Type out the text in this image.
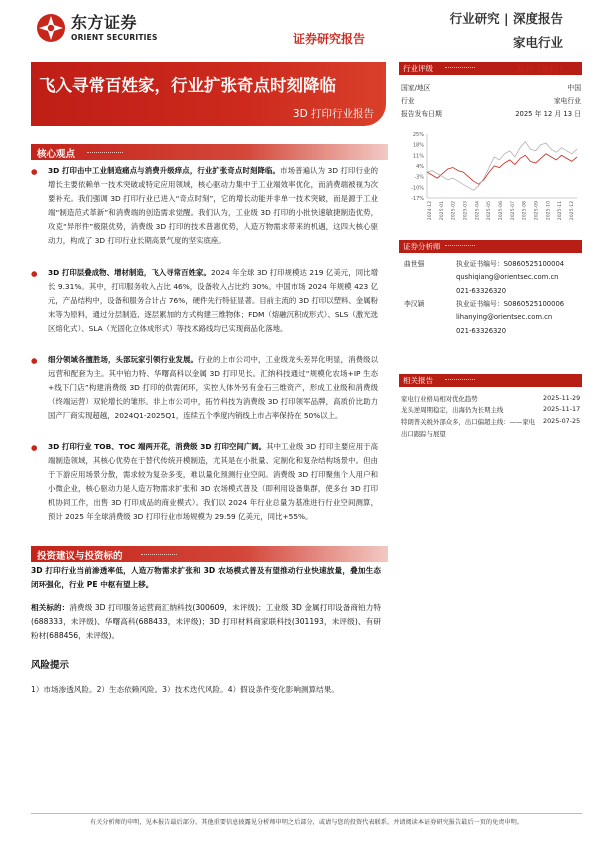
东方证券
ORIENT SECURITIES	证券研究报告
行业研究 | 深度报告
家电行业
飞入寻常百姓家，行业扩张奇点时刻降临
3D 打印行业报告
行业评级	看好（维持）
国家/地区	中国
行业	家电行业
报告发布日期	2025 年 12 月 13 日
25%
18%
11%
4%
-3%
-10%
-17%
2024-12 2025-01 2025-02 2025-03 2025-04 2025-05 2025-06 2025-07 2025-08 2025-09 2025-10 2025-11 2025-12
证券分析师
曲世强	执业证书编号：S0860525100004
qushiqiang@orientsec.com.cn
021-63326320
李汉颖	执业证书编号：S0860525100006
lihanying@orientsec.com.cn
021-63326320
相关报告
家电行业格局相对优化趋势	2025-11-29
龙头逆周期稳定，出海仍为长期主线	2025-11-17
特朗普关税外部众多，出口偏超主线：——家电 2025-07-25
出口跟踪与展望
核心观点
● 3D 打印击中工业制造痛点与消费升级痒点，行业扩张奇点时刻降临。市场普遍认为 3D 打印行业的增长主要依赖单一技术突破或特定应用领域，核心驱动力集中于工业端效率优化，而消费端被视为次要补充。我们强调 3D 打印行业已进入“奇点时刻”，它的增长动能并非单一技术突破，而是源于工业端“制造范式革新”和消费端的创造需求觉醒。我们认为，工业级 3D 打印的小批快速敏捷制造优势，攻克“异形件”极限优势，消费级 3D 打印的技术普惠优势，人造万物需求带来的机遇，这四大核心驱动力，构成了 3D 打印行业长期高景气度的坚实底座。
● 3D 打印层叠成物、增材制造，飞入寻常百姓家。2024 年全球 3D 打印规模达 219 亿美元，同比增长 9.31%。其中，打印服务收入占比 46%，设备收入占比约 30%。中国市场 2024 年规模 423 亿元，产品结构中，设备和服务合计占 76%，硬件先行特征显著。目前主流的 3D 打印以塑料、金属粉末等为原料，通过分层制造、逐层累加的方式构建三维物体；FDM（熔融沉积成形式）、SLS（激光选区熔化式）、SLA（光固化立体成形式）等技术路线均已实现商品化落地。
● 细分领域各擅胜场，头部玩家引领行业发展。行业的上市公司中，工业级龙头差异化明显，消费级以远营和配套为主。其中铂力特、华曙高科以金属 3D 打印见长。汇纳科技通过“规模化农场+IP 生态+线下门店”构建消费级 3D 打印的供需闭环，实控人体外另有金石三维资产，形成工业级和消费级（终端运营）双轮增长的雏形。非上市公司中，拓竹科技为消费级 3D 打印领军品牌，高质价比助力国产厂商实现超越，2024Q1-2025Q1，连续五个季度内销线上市占率保持在 50%以上。
● 3D 打印行业 TOB、TOC 端两开花，消费级 3D 打印空间广阔。其中工业级 3D 打印主要应用于高端制造领域，其核心优势在于替代传统开模制造，尤其是在小批量、定制化和复杂结构场景中。但由于下游应用场景分散，需求较为复杂多变，难以量化预测行业空间。消费级 3D 打印聚焦个人用户和小微企业，核心驱动力是人造万物需求扩张和 3D 农场模式普及（即利用设备集群，使多台 3D 打印机协同工作，出售 3D 打印成品的商业模式）。我们以 2024 年行业总量为基准进行行业空间测算，预计 2025 年全球消费级 3D 打印行业市场规模为 29.59 亿美元，同比+55%。
投资建议与投资标的
3D 打印行业当前渗透率低，人造万物需求扩张和 3D 农场模式普及有望推动行业快速放量，叠加生态闭环强化，行业 PE 中枢有望上移。
相关标的：消费级 3D 打印服务运营商汇纳科技(300609，未评级)；工业级 3D 金属打印设备商铂力特(688333，未评级)、华曙高科(688433，未评级)；3D 打印材料商家联科技(301193，未评级)、有研粉材(688456，未评级)。
风险提示
1）市场渗透风险。2）生态依赖风险。3）技术迭代风险。4）假设条件变化影响测算结果。
有关分析师的申明，见本报告最后部分。其他重要信息披露见分析师申明之后部分，或请与您的投资代表联系。并请阅读本证券研究报告最后一页的免责申明。
